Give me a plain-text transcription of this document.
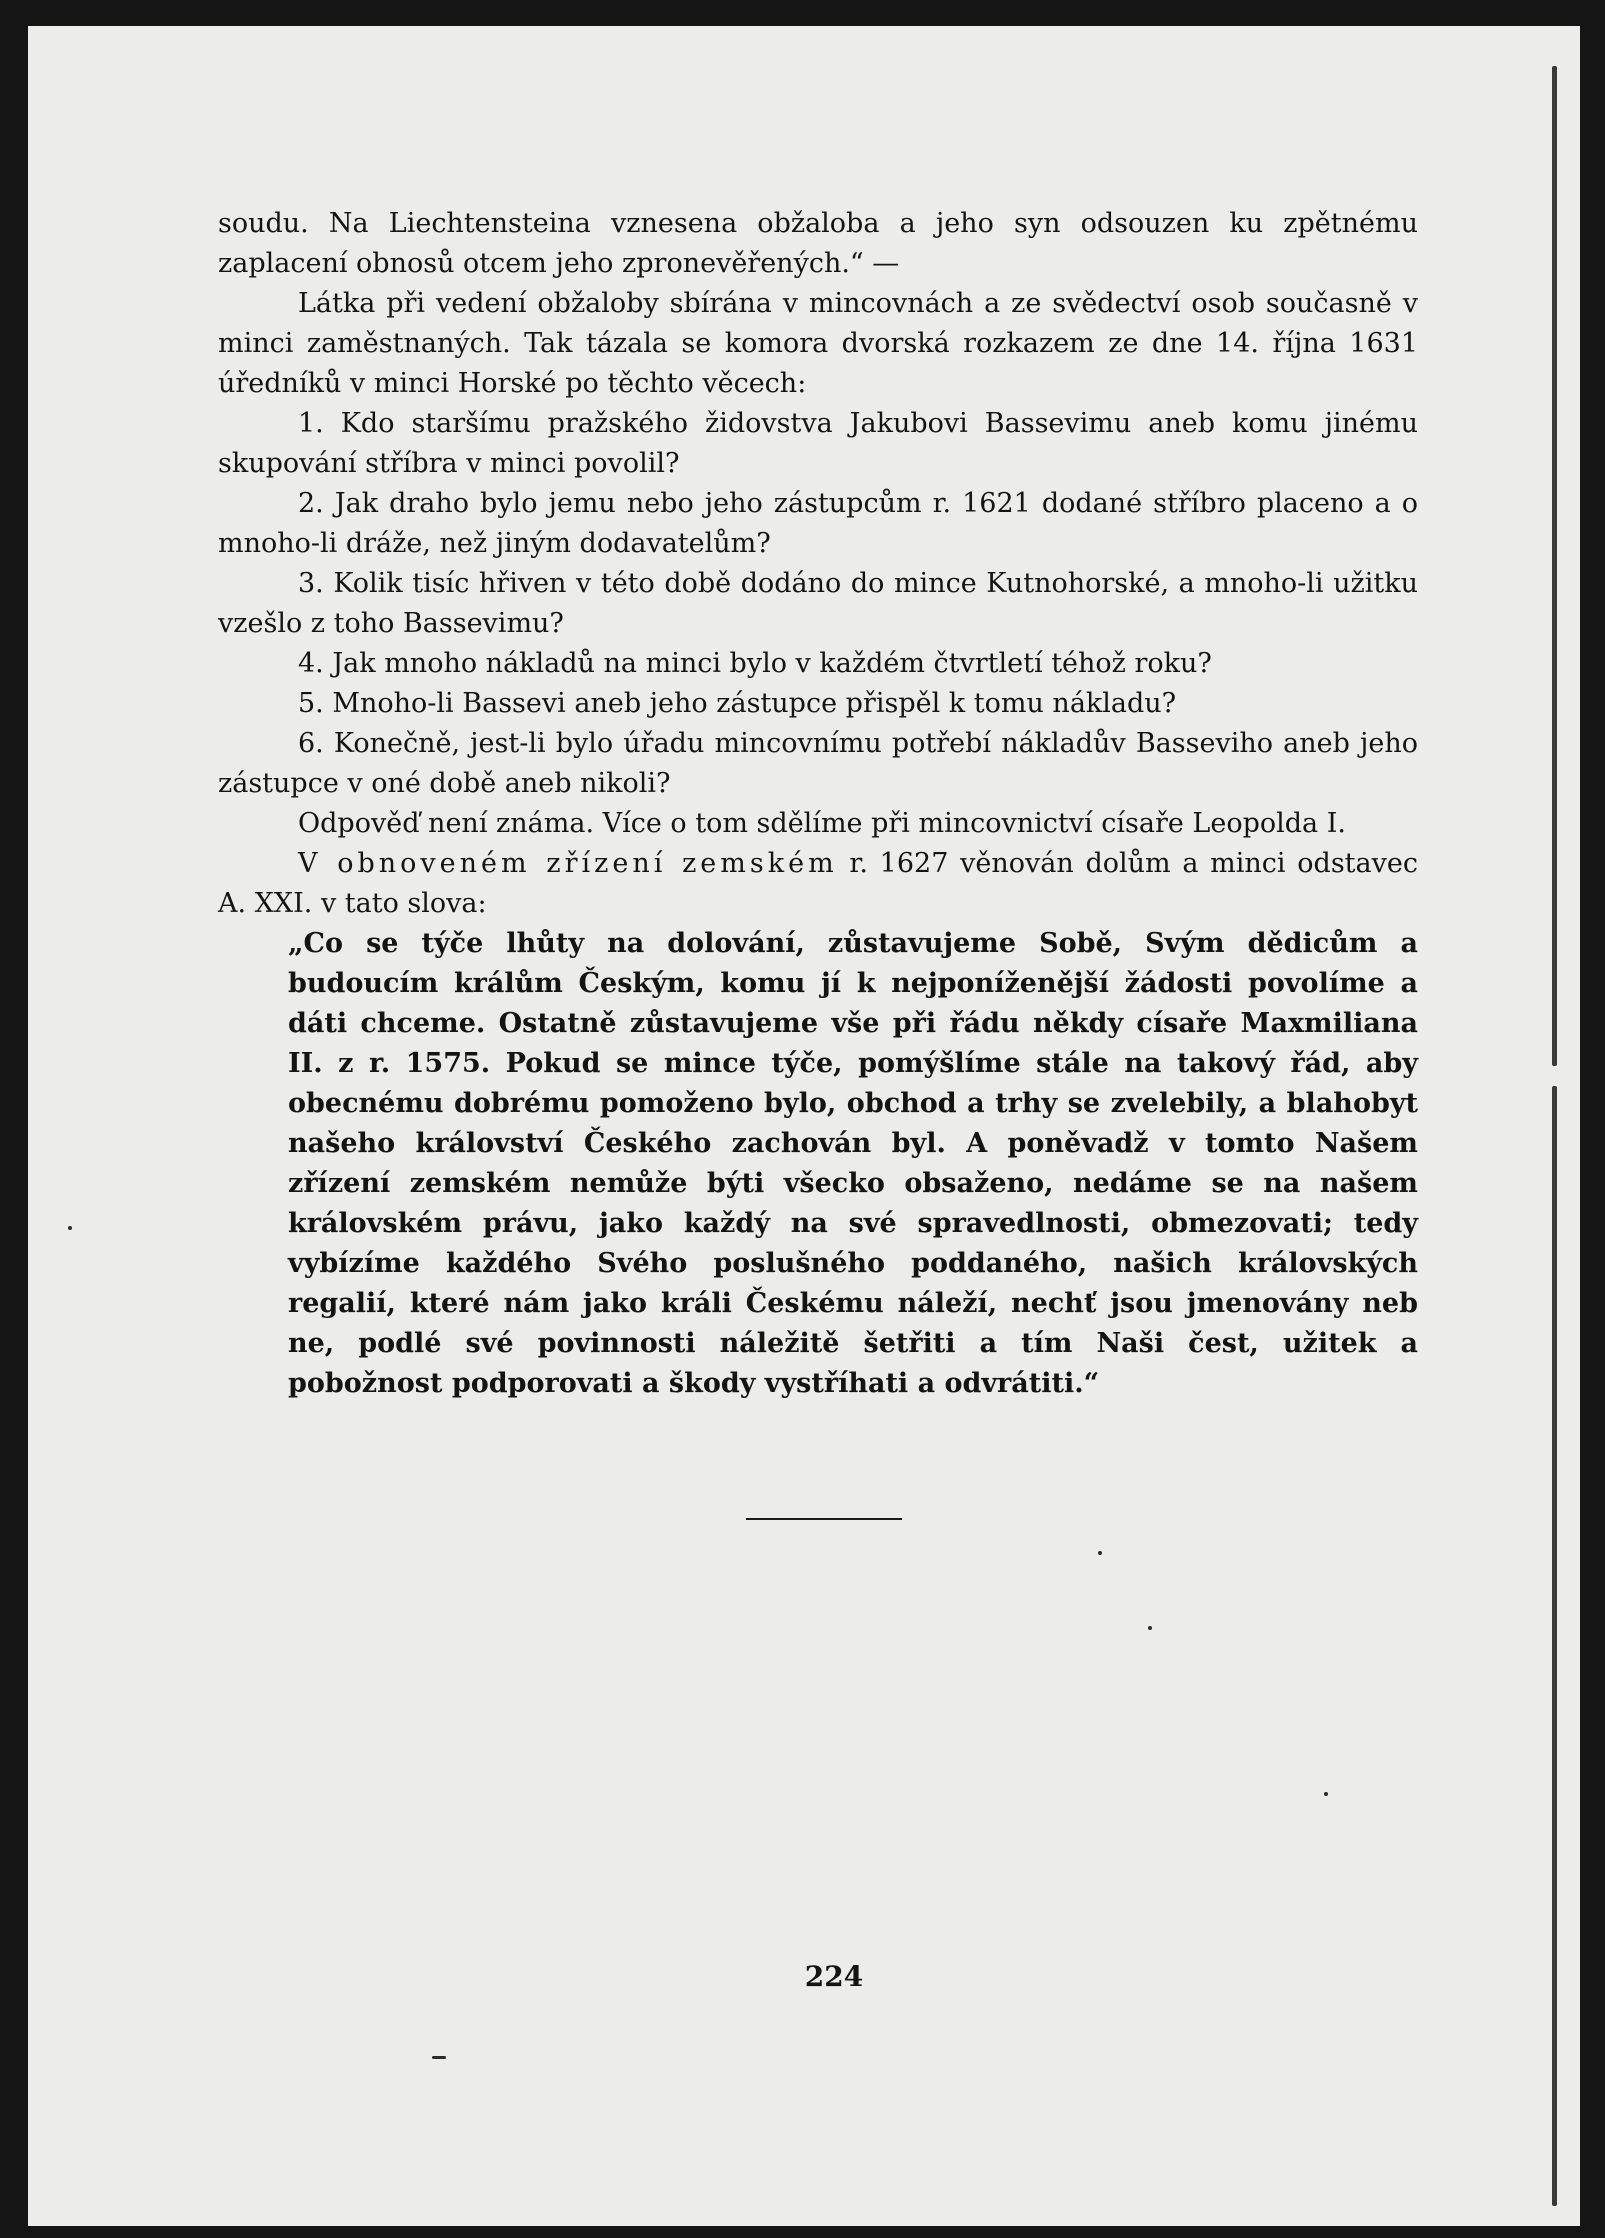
soudu. Na Liechtensteina vznesena obžaloba a jeho syn odsouzen ku zpětnému zaplacení obnosů otcem jeho zpronevěřených.“ —

Látka při vedení obžaloby sbírána v mincovnách a ze svědectví osob současně v minci zaměstnaných. Tak tázala se komora dvorská rozkazem ze dne 14. října 1631 úředníků v minci Horské po těchto věcech:

1. Kdo staršímu pražského židovstva Jakubovi Bassevimu aneb komu jinému skupování stříbra v minci povolil?

2. Jak draho bylo jemu nebo jeho zástupcům r. 1621 dodané stříbro placeno a o mnoho-li dráže, než jiným dodavatelům?

3. Kolik tisíc hřiven v této době dodáno do mince Kutnohorské, a mnoho-li užitku vzešlo z toho Bassevimu?

4. Jak mnoho nákladů na minci bylo v každém čtvrtletí téhož roku?

5. Mnoho-li Bassevi aneb jeho zástupce přispěl k tomu nákladu?

6. Konečně, jest-li bylo úřadu mincovnímu potřebí nákladův Basseviho aneb jeho zástupce v oné době aneb nikoli?

Odpověď není známa. Více o tom sdělíme při mincovnictví císaře Leopolda I.

V obnoveném zřízení zemském r. 1627 věnován dolům a minci odstavec A. XXI. v tato slova:

„Co se týče lhůty na dolování, zůstavujeme Sobě, Svým dědicům a budoucím králům Českým, komu jí k nejponíženější žádosti povolíme a dáti chceme. Ostatně zůstavujeme vše při řádu někdy císaře Maxmiliana II. z r. 1575. Pokud se mince týče, pomýšlíme stále na takový řád, aby obecnému dobrému pomoženo bylo, obchod a trhy se zvelebily, a blahobyt našeho království Českého zachován byl. A poněvadž v tomto Našem zřízení zemském nemůže býti všecko obsaženo, nedáme se na našem královském právu, jako každý na své spravedlnosti, obmezovati; tedy vybízíme každého Svého poslušného poddaného, našich královských regalií, které nám jako králi Českému náleží, nechť jsou jmenovány neb ne, podlé své povinnosti náležitě šetřiti a tím Naši čest, užitek a pobožnost podporovati a škody vystříhati a odvrátiti.“

224
